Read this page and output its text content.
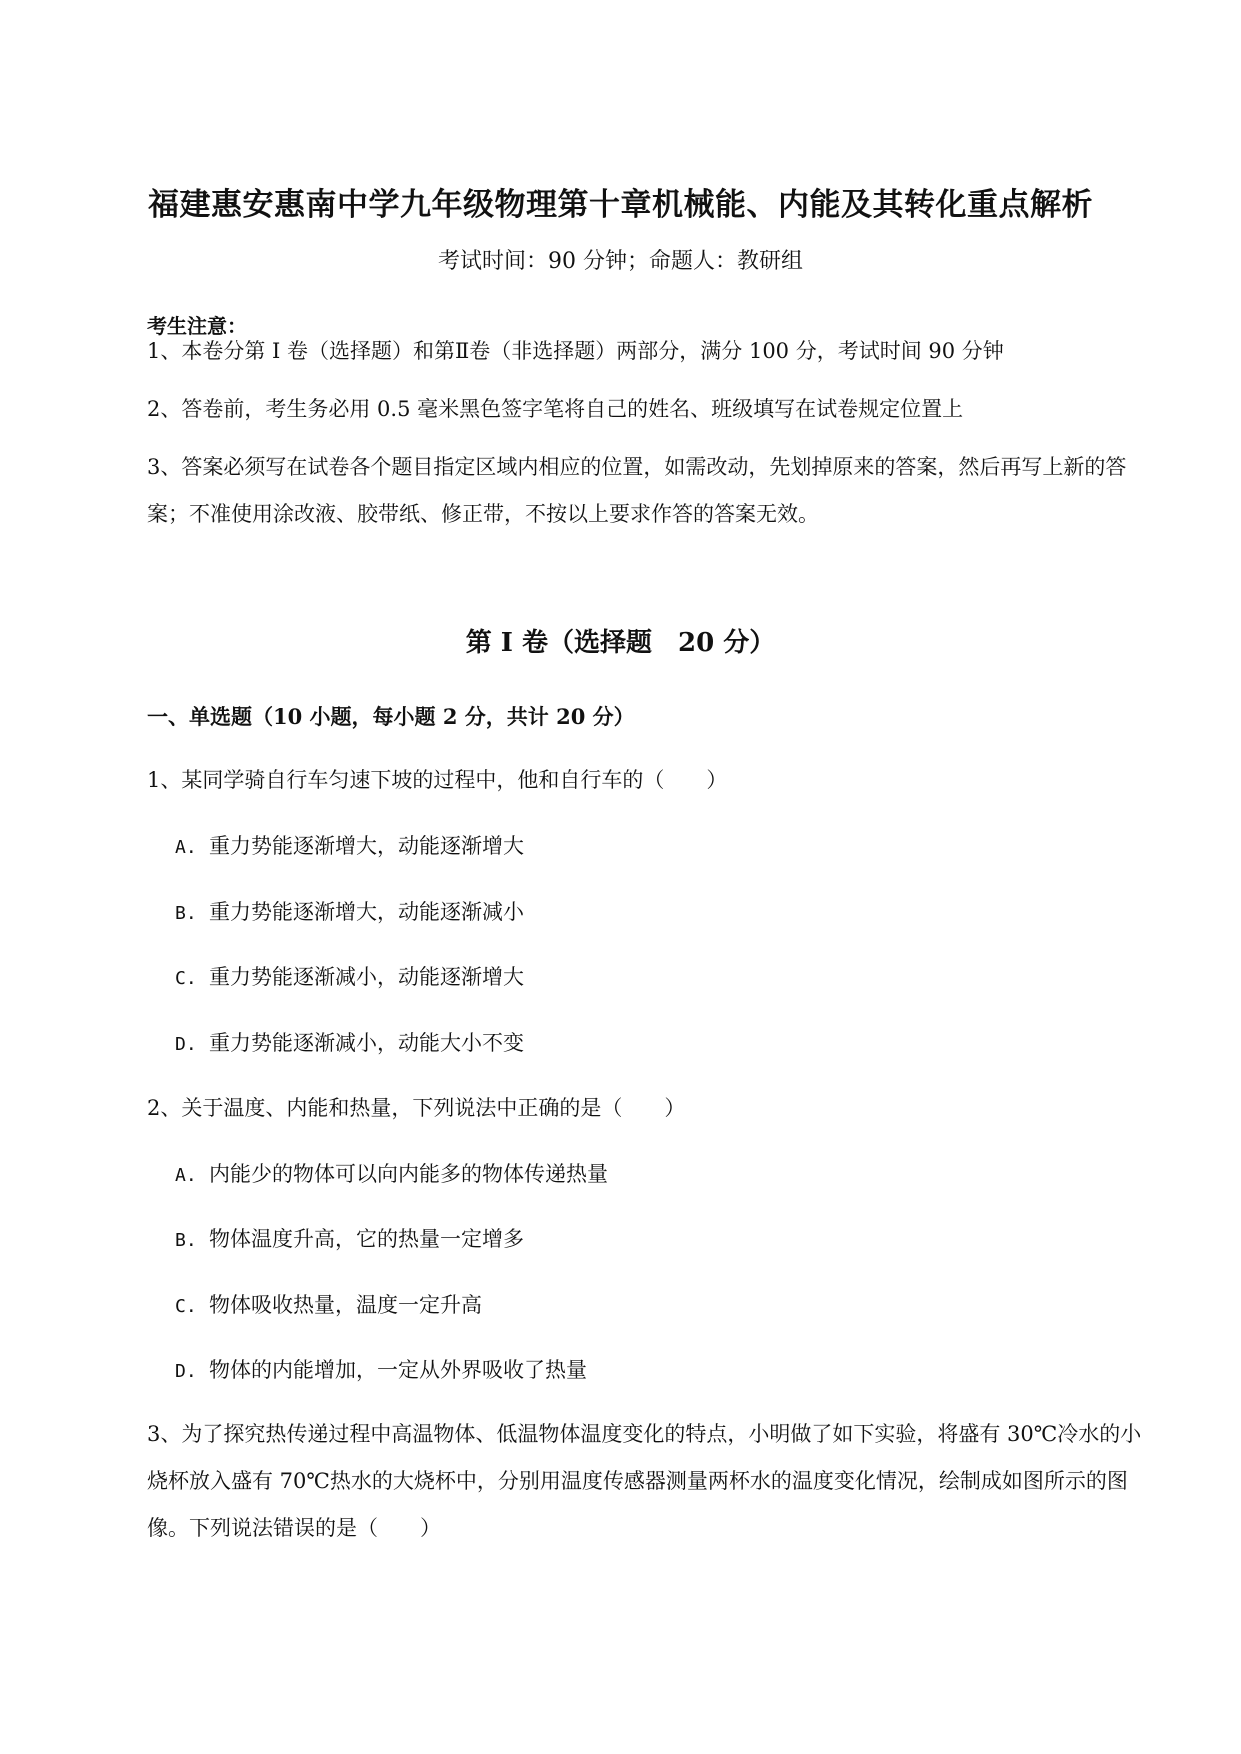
福建惠安惠南中学九年级物理第十章机械能、内能及其转化重点解析
考试时间：90 分钟；命题人：教研组
考生注意：
1、本卷分第 I 卷（选择题）和第Ⅱ卷（非选择题）两部分，满分 100 分，考试时间 90 分钟
2、答卷前，考生务必用 0.5 毫米黑色签字笔将自己的姓名、班级填写在试卷规定位置上
3、答案必须写在试卷各个题目指定区域内相应的位置，如需改动，先划掉原来的答案，然后再写上新的答案；不准使用涂改液、胶带纸、修正带，不按以上要求作答的答案无效。
第 I 卷（选择题　20 分）
一、单选题（10 小题，每小题 2 分，共计 20 分）
1、某同学骑自行车匀速下坡的过程中，他和自行车的（　　）
A. 重力势能逐渐增大，动能逐渐增大
B. 重力势能逐渐增大，动能逐渐减小
C. 重力势能逐渐减小，动能逐渐增大
D. 重力势能逐渐减小，动能大小不变
2、关于温度、内能和热量，下列说法中正确的是（　　）
A. 内能少的物体可以向内能多的物体传递热量
B. 物体温度升高，它的热量一定增多
C. 物体吸收热量，温度一定升高
D. 物体的内能增加，一定从外界吸收了热量
3、为了探究热传递过程中高温物体、低温物体温度变化的特点，小明做了如下实验，将盛有 30℃冷水的小烧杯放入盛有 70℃热水的大烧杯中，分别用温度传感器测量两杯水的温度变化情况，绘制成如图所示的图像。下列说法错误的是（　　）
